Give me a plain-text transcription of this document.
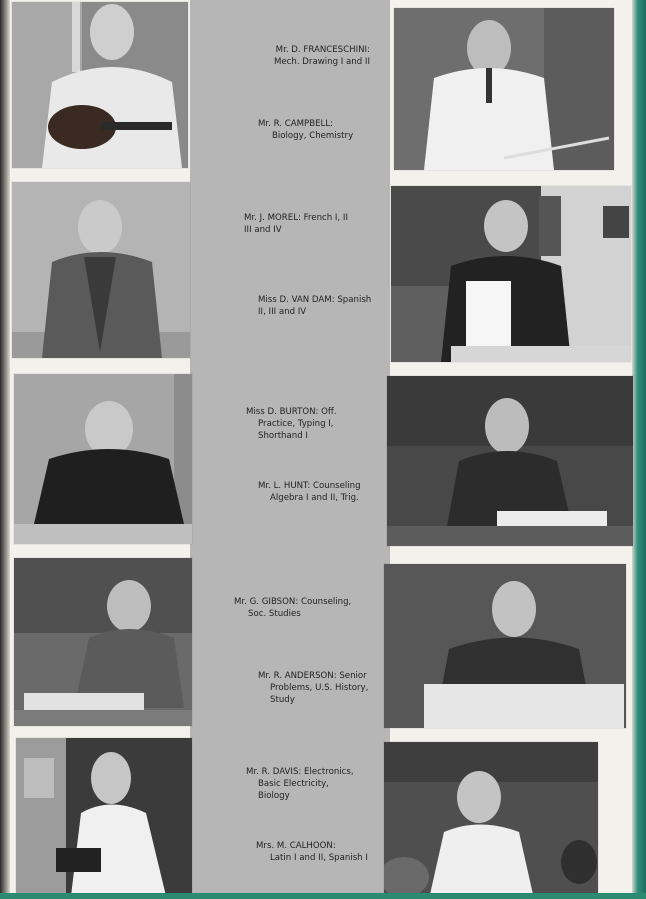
Mr. D. FRANCESCHINI:
Mech. Drawing I and II
Mr. R. CAMPBELL:
Biology, Chemistry
Mr. J. MOREL: French I, II
III and IV
Miss D. VAN DAM: Spanish
II, III and IV
Miss D. BURTON: Off.
Practice, Typing I,
Shorthand I
Mr. L. HUNT: Counseling
Algebra I and II, Trig.
Mr. G. GIBSON: Counseling,
Soc. Studies
Mr. R. ANDERSON: Senior
Problems, U.S. History,
Study
Mr. R. DAVIS: Electronics,
Basic Electricity,
Biology
Mrs. M. CALHOON:
Latin I and II, Spanish I
